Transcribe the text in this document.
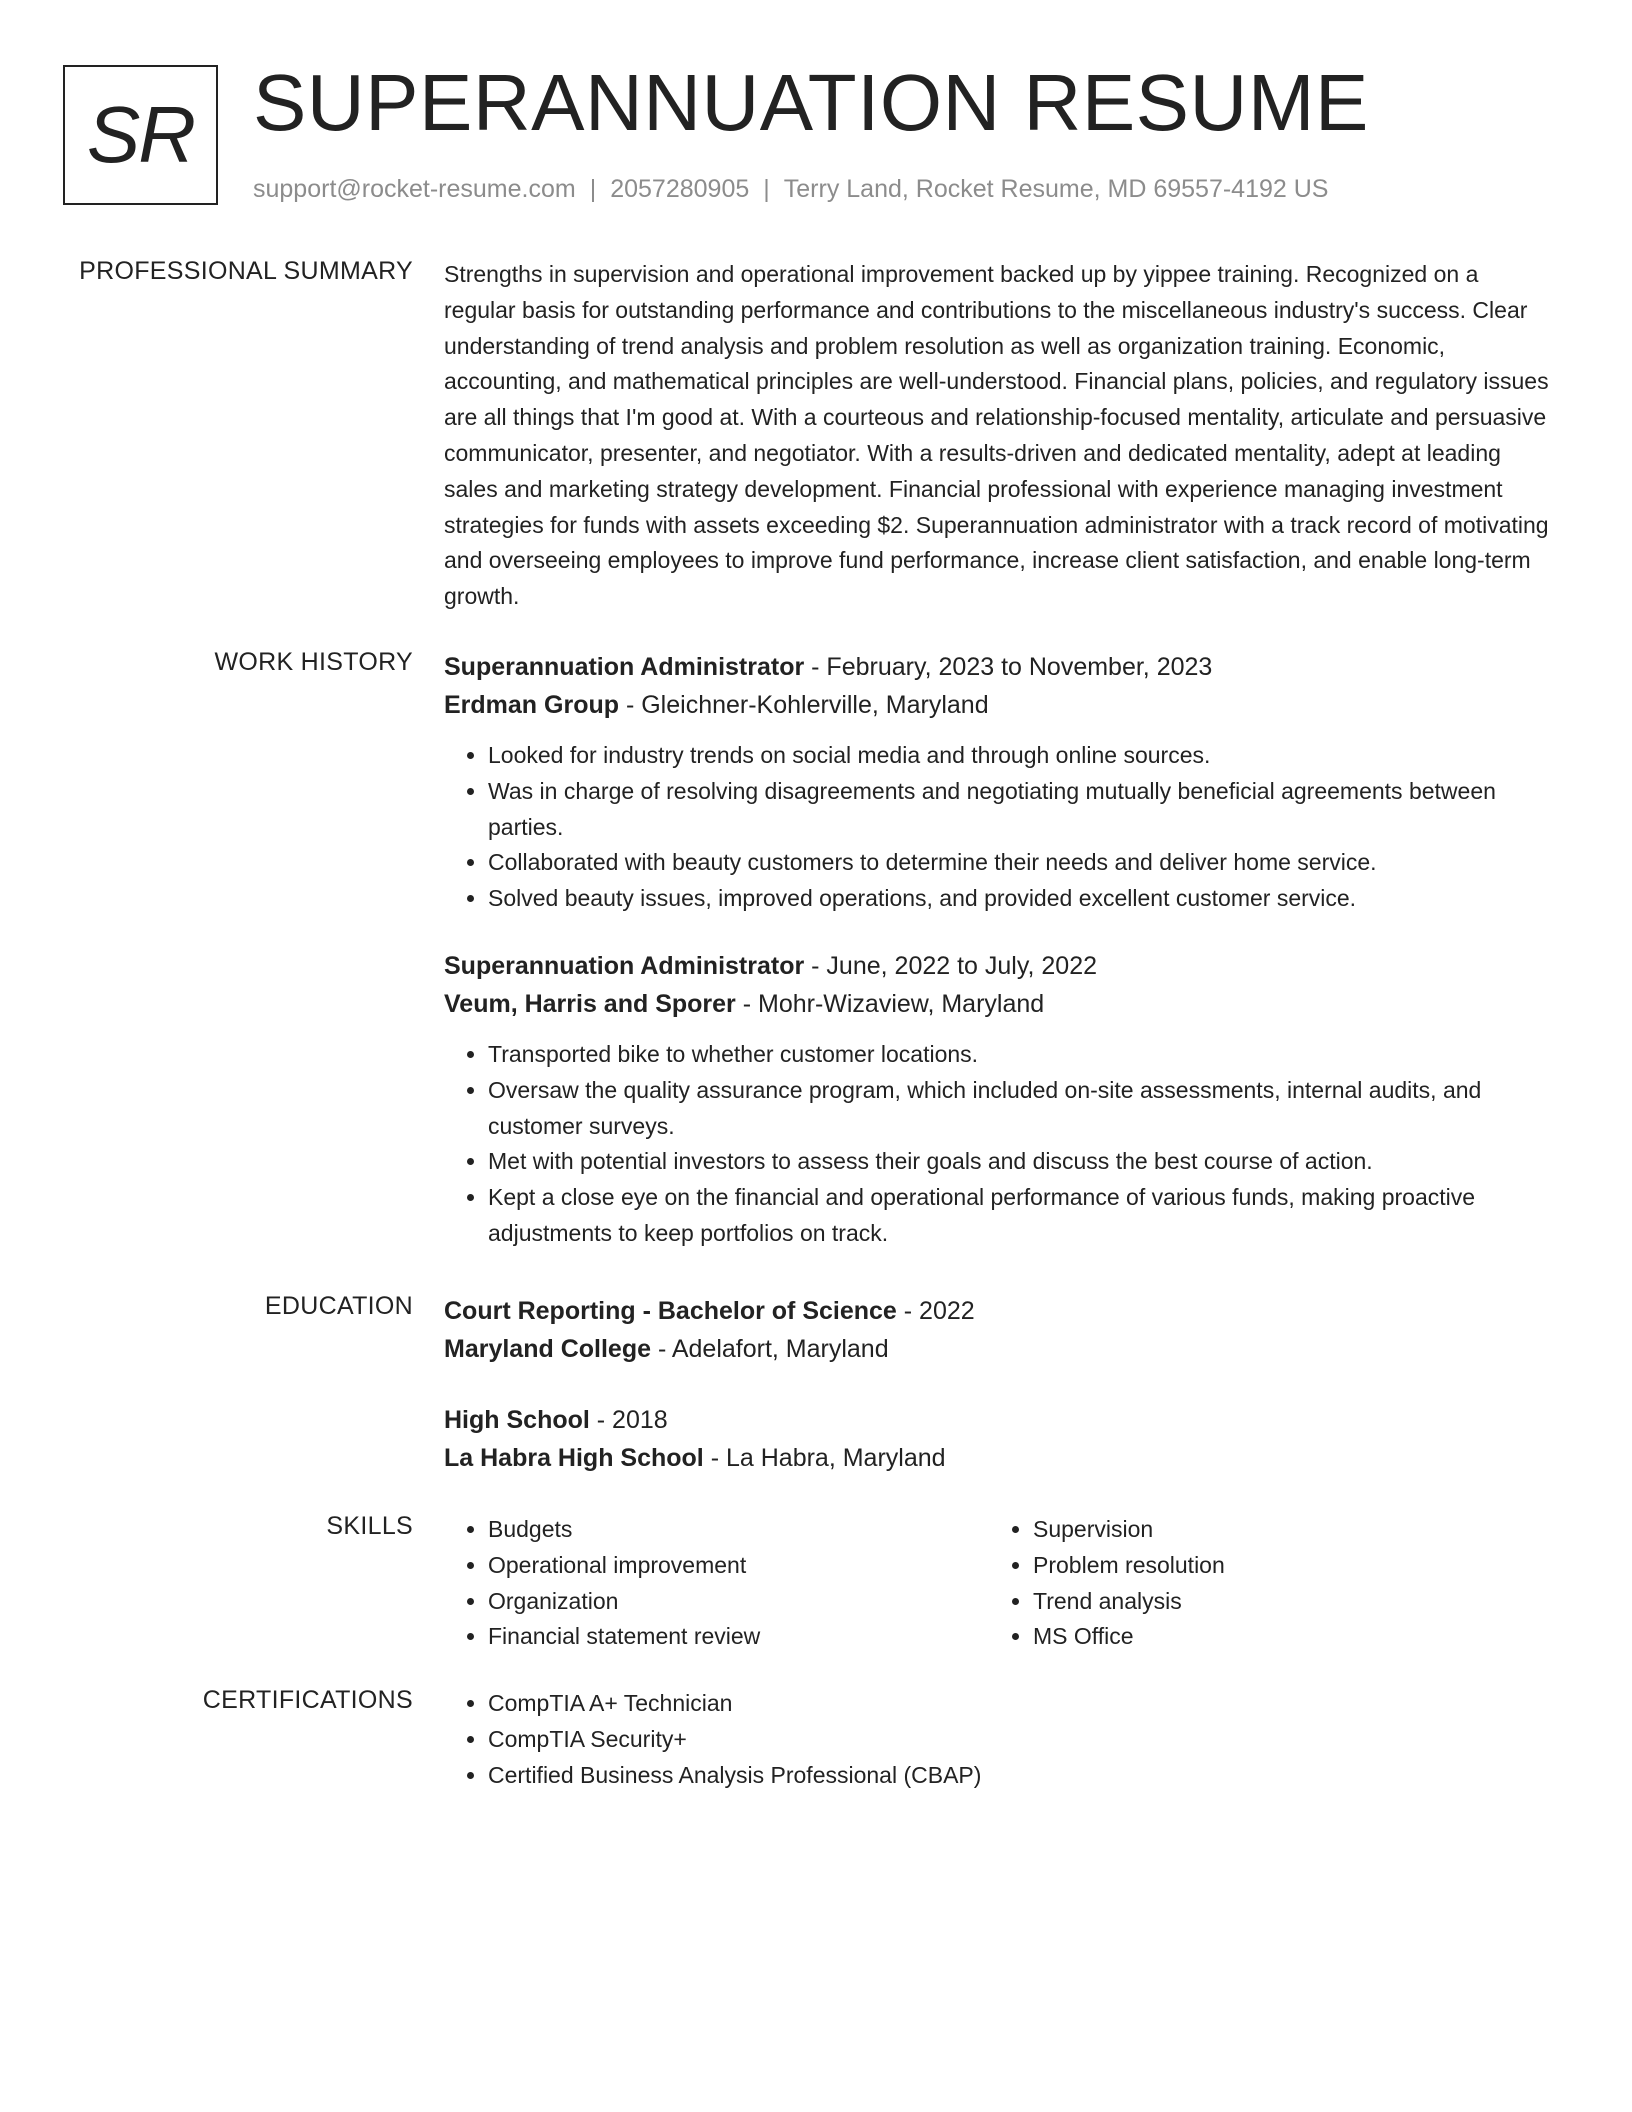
SR SUPERANNUATION RESUME
support@rocket-resume.com | 2057280905 | Terry Land, Rocket Resume, MD 69557-4192 US
PROFESSIONAL SUMMARY Strengths in supervision and operational improvement backed up by yippee training. Recognized on a regular basis for outstanding performance and contributions to the miscellaneous industry's success. Clear understanding of trend analysis and problem resolution as well as organization training. Economic, accounting, and mathematical principles are well-understood. Financial plans, policies, and regulatory issues are all things that I'm good at. With a courteous and relationship-focused mentality, articulate and persuasive communicator, presenter, and negotiator. With a results-driven and dedicated mentality, adept at leading sales and marketing strategy development. Financial professional with experience managing investment strategies for funds with assets exceeding $2. Superannuation administrator with a track record of motivating and overseeing employees to improve fund performance, increase client satisfaction, and enable long-term growth.

WORK HISTORY Superannuation Administrator - February, 2023 to November, 2023
Erdman Group - Gleichner-Kohlerville, Maryland
• Looked for industry trends on social media and through online sources.
• Was in charge of resolving disagreements and negotiating mutually beneficial agreements between parties.
• Collaborated with beauty customers to determine their needs and deliver home service.
• Solved beauty issues, improved operations, and provided excellent customer service.
Superannuation Administrator - June, 2022 to July, 2022
Veum, Harris and Sporer - Mohr-Wizaview, Maryland
• Transported bike to whether customer locations.
• Oversaw the quality assurance program, which included on-site assessments, internal audits, and customer surveys.
• Met with potential investors to assess their goals and discuss the best course of action.
• Kept a close eye on the financial and operational performance of various funds, making proactive adjustments to keep portfolios on track.
EDUCATION Court Reporting - Bachelor of Science - 2022
Maryland College - Adelafort, Maryland
High School - 2018
La Habra High School - La Habra, Maryland
SKILLS	• Budgets
• Operational improvement
• Organization
• Financial statement review
• Supervision
• Problem resolution
• Trend analysis
• MS Office
CERTIFICATIONS	• CompTIA A+ Technician
• CompTIA Security+
• Certified Business Analysis Professional (CBAP)
